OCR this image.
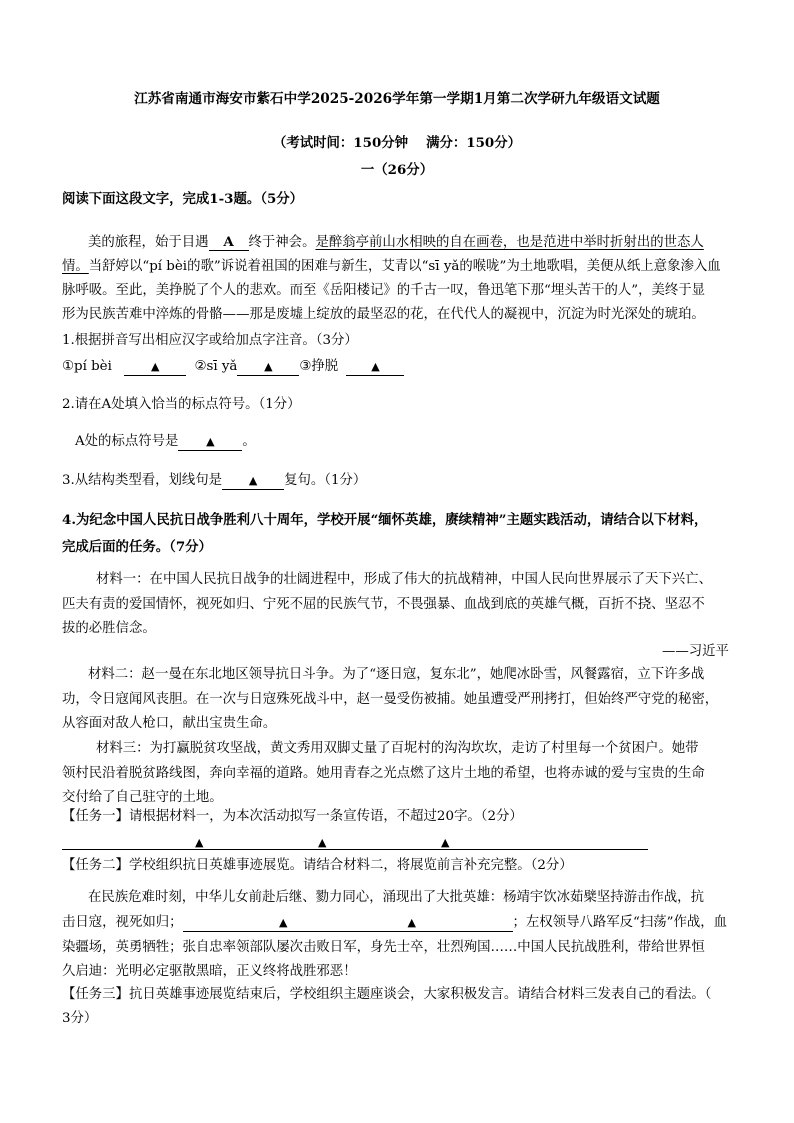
江苏省南通市海安市紫石中学2025-2026学年第一学期1月第二次学研九年级语文试题
（考试时间：150分钟　 满分：150分）
一（26分）
阅读下面这段文字，完成1-3题。（5分）
美的旅程，始于目遇 A 终于神会。是醉翁亭前山水相映的自在画卷，也是范进中举时折射出的世态人
情。当舒婷以“pí bèi的歌”诉说着祖国的困难与新生，艾青以“sī yǎ的喉咙”为土地歌唱，美便从纸上意象渗入血
脉呼吸。至此，美挣脱了个人的悲欢。而至《岳阳楼记》的千古一叹，鲁迅笔下那“埋头苦干的人”，美终于显
形为民族苦难中淬炼的骨骼——那是废墟上绽放的最坚忍的花，在代代人的凝视中，沉淀为时光深处的琥珀。
1.根据拼音写出相应汉字或给加点字注音。（3分）
①pí bèi	▲	②sī yǎ ▲ ③挣脱	▲
2.请在A处填入恰当的标点符号。（1分）
A处的标点符号是	▲ 。
3.从结构类型看，划线句是 ▲ 复句。（1分）
4.为纪念中国人民抗日战争胜利八十周年，学校开展“缅怀英雄，赓续精神”主题实践活动，请结合以下材料，
完成后面的任务。（7分）
材料一：在中国人民抗日战争的壮阔进程中，形成了伟大的抗战精神，中国人民向世界展示了天下兴亡、
匹夫有责的爱国情怀，视死如归、宁死不屈的民族气节，不畏强暴、血战到底的英雄气概，百折不挠、坚忍不
拔的必胜信念。
——习近平
材料二：赵一曼在东北地区领导抗日斗争。为了“逐日寇，复东北”，她爬冰卧雪，风餐露宿，立下许多战
功，令日寇闻风丧胆。在一次与日寇殊死战斗中，赵一曼受伤被捕。她虽遭受严刑拷打，但始终严守党的秘密，
从容面对敌人枪口，献出宝贵生命。
材料三：为打赢脱贫攻坚战，黄文秀用双脚丈量了百坭村的沟沟坎坎，走访了村里每一个贫困户。她带
领村民沿着脱贫路线图，奔向幸福的道路。她用青春之光点燃了这片土地的希望，也将赤诚的爱与宝贵的生命
交付给了自己驻守的土地。
【任务一】请根据材料一，为本次活动拟写一条宣传语，不超过20字。（2分）
▲	▲	▲
【任务二】学校组织抗日英雄事迹展览。请结合材料二，将展览前言补充完整。（2分）
在民族危难时刻，中华儿女前赴后继、勠力同心，涌现出了大批英雄：杨靖宇饮冰茹檗坚持游击作战，抗
击日寇，视死如归；	▲	▲	；左权领导八路军反“扫荡”作战，血
染疆场，英勇牺牲；张自忠率领部队屡次击败日军，身先士卒，壮烈殉国……中国人民抗战胜利，带给世界恒
久启迪：光明必定驱散黑暗，正义终将战胜邪恶！
【任务三】抗日英雄事迹展览结束后，学校组织主题座谈会，大家积极发言。请结合材料三发表自己的看法。（
3分）
